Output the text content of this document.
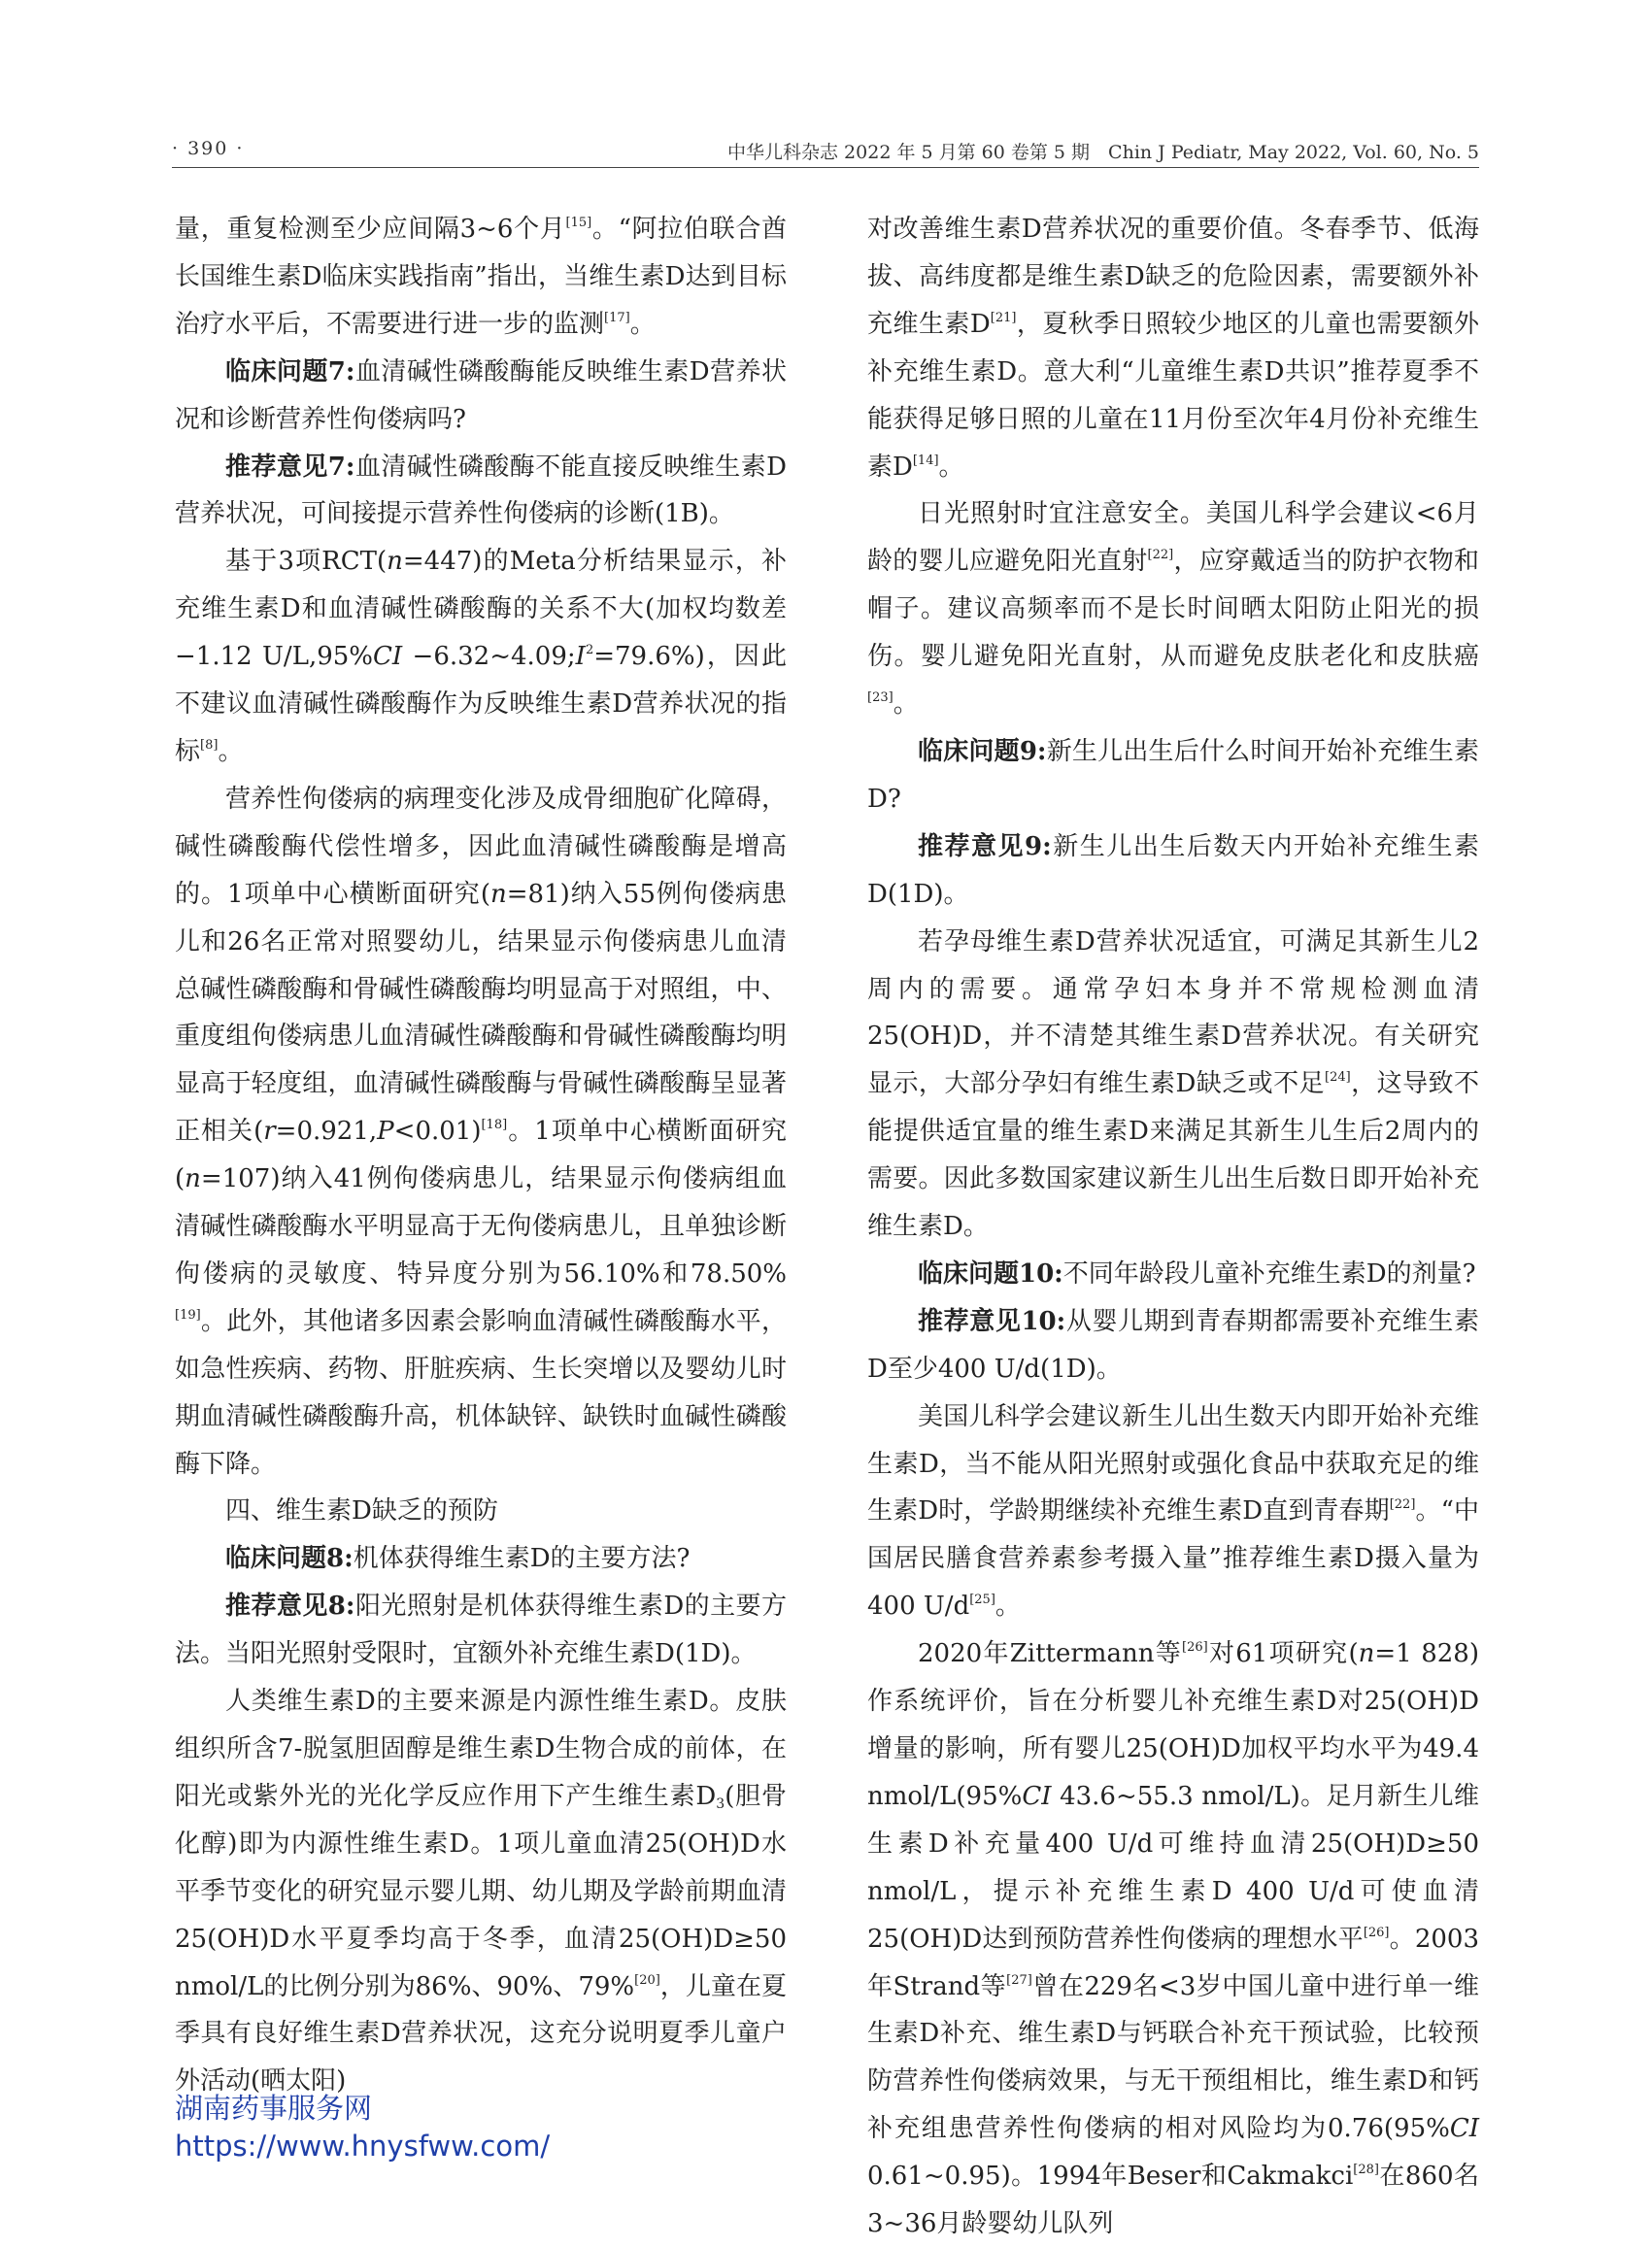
· 390 ·	中华儿科杂志 2022 年 5 月第 60 卷第 5 期　Chin J Pediatr, May 2022, Vol. 60, No. 5

量，重复检测至少应间隔3~6个月[15]。“阿拉伯联合酋长国维生素D临床实践指南”指出，当维生素D达到目标治疗水平后，不需要进行进一步的监测[17]。

临床问题7:血清碱性磷酸酶能反映维生素D营养状况和诊断营养性佝偻病吗?

推荐意见7:血清碱性磷酸酶不能直接反映维生素D营养状况，可间接提示营养性佝偻病的诊断(1B)。

基于3项RCT(n=447)的Meta分析结果显示，补充维生素D和血清碱性磷酸酶的关系不大(加权均数差−1.12 $U/L,95\%CI -6.32\sim 4.09;I^2=79.6\%$)，因此不建议血清碱性磷酸酶作为反映维生素D营养状况的指标[8]。

营养性佝偻病的病理变化涉及成骨细胞矿化障碍，碱性磷酸酶代偿性增多，因此血清碱性磷酸酶是增高的。1项单中心横断面研究(n=81)纳入55例佝偻病患儿和26名正常对照婴幼儿，结果显示佝偻病患儿血清总碱性磷酸酶和骨碱性磷酸酶均明显高于对照组，中、重度组佝偻病患儿血清碱性磷酸酶和骨碱性磷酸酶均明显高于轻度组，血清碱性磷酸酶与骨碱性磷酸酶呈显著正相关(r=0.921,P<0.01)[18]。1项单中心横断面研究(n=107)纳入41例佝偻病患儿，结果显示佝偻病组血清碱性磷酸酶水平明显高于无佝偻病患儿，且单独诊断佝偻病的灵敏度、特异度分别为56.10%和78.50%[19]。此外，其他诸多因素会影响血清碱性磷酸酶水平，如急性疾病、药物、肝脏疾病、生长突增以及婴幼儿时期血清碱性磷酸酶升高，机体缺锌、缺铁时血碱性磷酸酶下降。

四、维生素D缺乏的预防

临床问题8:机体获得维生素D的主要方法?

推荐意见8:阳光照射是机体获得维生素D的主要方法。当阳光照射受限时，宜额外补充维生素D(1D)。

人类维生素D的主要来源是内源性维生素D。皮肤组织所含7-脱氢胆固醇是维生素D生物合成的前体，在阳光或紫外光的光化学反应作用下产生维生素$D_3$(胆骨化醇)即为内源性维生素D。1项儿童血清25(OH)D水平季节变化的研究显示婴儿期、幼儿期及学龄前期血清25(OH)D水平夏季均高于冬季，血清25(OH)D≥50 nmol/L的比例分别为86%、90%、79%[20]，儿童在夏季具有良好维生素D营养状况，这充分说明夏季儿童户外活动(晒太阳)

对改善维生素D营养状况的重要价值。冬春季节、低海拔、高纬度都是维生素D缺乏的危险因素，需要额外补充维生素D[21]，夏秋季日照较少地区的儿童也需要额外补充维生素D。意大利“儿童维生素D共识”推荐夏季不能获得足够日照的儿童在11月份至次年4月份补充维生素D[14]。

日光照射时宜注意安全。美国儿科学会建议<6月龄的婴儿应避免阳光直射[22]，应穿戴适当的防护衣物和帽子。建议高频率而不是长时间晒太阳防止阳光的损伤。婴儿避免阳光直射，从而避免皮肤老化和皮肤癌[23]。

临床问题9:新生儿出生后什么时间开始补充维生素D?

推荐意见9:新生儿出生后数天内开始补充维生素D(1D)。

若孕母维生素D营养状况适宜，可满足其新生儿2周内的需要。通常孕妇本身并不常规检测血清25(OH)D，并不清楚其维生素D营养状况。有关研究显示，大部分孕妇有维生素D缺乏或不足[24]，这导致不能提供适宜量的维生素D来满足其新生儿生后2周内的需要。因此多数国家建议新生儿出生后数日即开始补充维生素D。

临床问题10:不同年龄段儿童补充维生素D的剂量?

推荐意见10:从婴儿期到青春期都需要补充维生素D至少400 U/d(1D)。

美国儿科学会建议新生儿出生数天内即开始补充维生素D，当不能从阳光照射或强化食品中获取充足的维生素D时，学龄期继续补充维生素D直到青春期[22]。“中国居民膳食营养素参考摄入量”推荐维生素D摄入量为400 U/d[25]。

2020年Zittermann等[26]对61项研究(n=1 828)作系统评价，旨在分析婴儿补充维生素D对25(OH)D增量的影响，所有婴儿25(OH)D加权平均水平为49.4 nmol/L(95%CI 43.6~55.3 nmol/L)。足月新生儿维生素D补充量400 U/d可维持血清25(OH)D≥50 nmol/L，提示补充维生素D 400 U/d可使血清25(OH)D达到预防营养性佝偻病的理想水平[26]。2003年Strand等[27]曾在229名<3岁中国儿童中进行单一维生素D补充、维生素D与钙联合补充干预试验，比较预防营养性佝偻病效果，与无干预组相比，维生素D和钙补充组患营养性佝偻病的相对风险均为0.76(95%CI 0.61~0.95)。1994年Beser和Cakmakci[28]在860名3~36月龄婴幼儿队列

湖南药事服务网
https://www.hnysfww.com/
